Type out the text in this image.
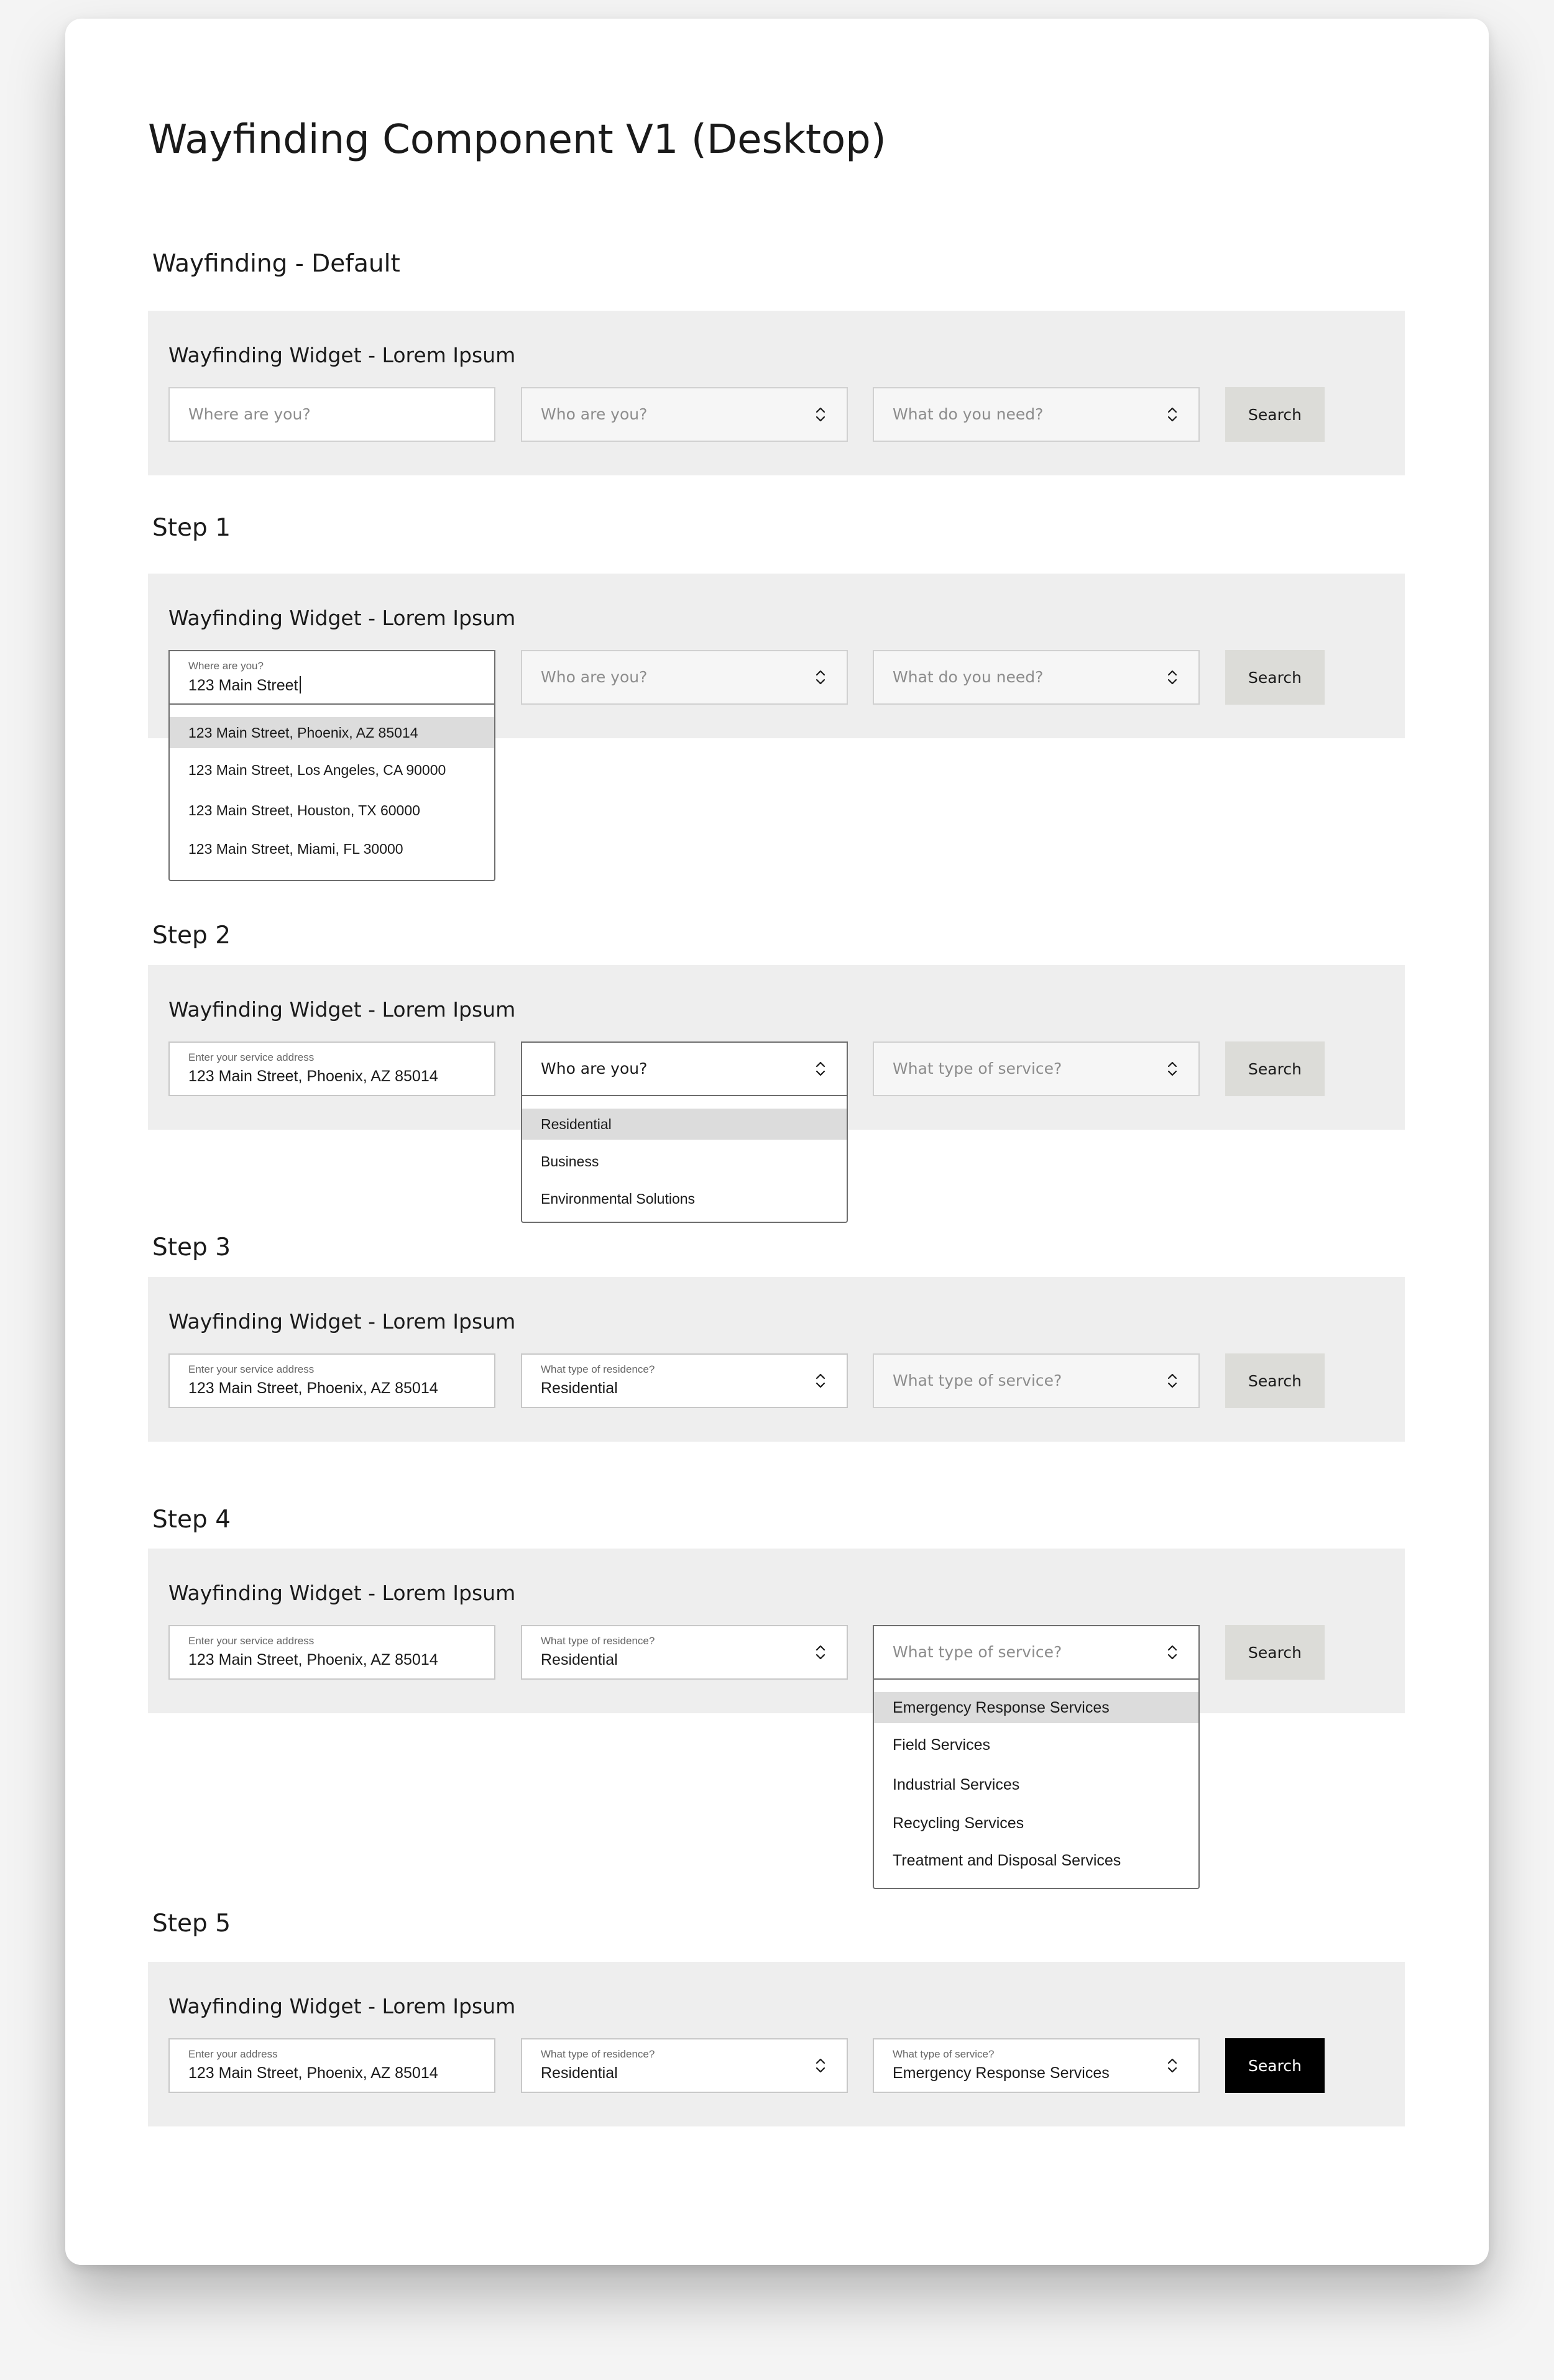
Wayfinding Component V1 (Desktop)
Wayfinding - Default
Wayfinding Widget - Lorem Ipsum
Where are you?	Who are you?	What do you need?	Search
Step 1
Wayfinding Widget - Lorem Ipsum
Where are you?
123 Main Street	Who are you?	What do you need?	Search
123 Main Street, Phoenix, AZ 85014
123 Main Street, Los Angeles, CA 90000
123 Main Street, Houston, TX 60000
123 Main Street, Miami, FL 30000
Step 2
Wayfinding Widget - Lorem Ipsum
Enter your service address
123 Main Street, Phoenix, AZ 85014	Who are you?	What type of service?	Search
Residential
Business
Environmental Solutions
Step 3
Wayfinding Widget - Lorem Ipsum
Enter your service address
123 Main Street, Phoenix, AZ 85014
What type of residence?
Residential	What type of service?	Search
Step 4
Wayfinding Widget - Lorem Ipsum
Enter your service address
123 Main Street, Phoenix, AZ 85014
What type of residence?
Residential	What type of service?	Search
Emergency Response Services
Field Services
Industrial Services
Recycling Services
Treatment and Disposal Services
Step 5
Wayfinding Widget - Lorem Ipsum
Enter your address
123 Main Street, Phoenix, AZ 85014
What type of residence?
Residential
What type of service?
Emergency Response Services	Search
